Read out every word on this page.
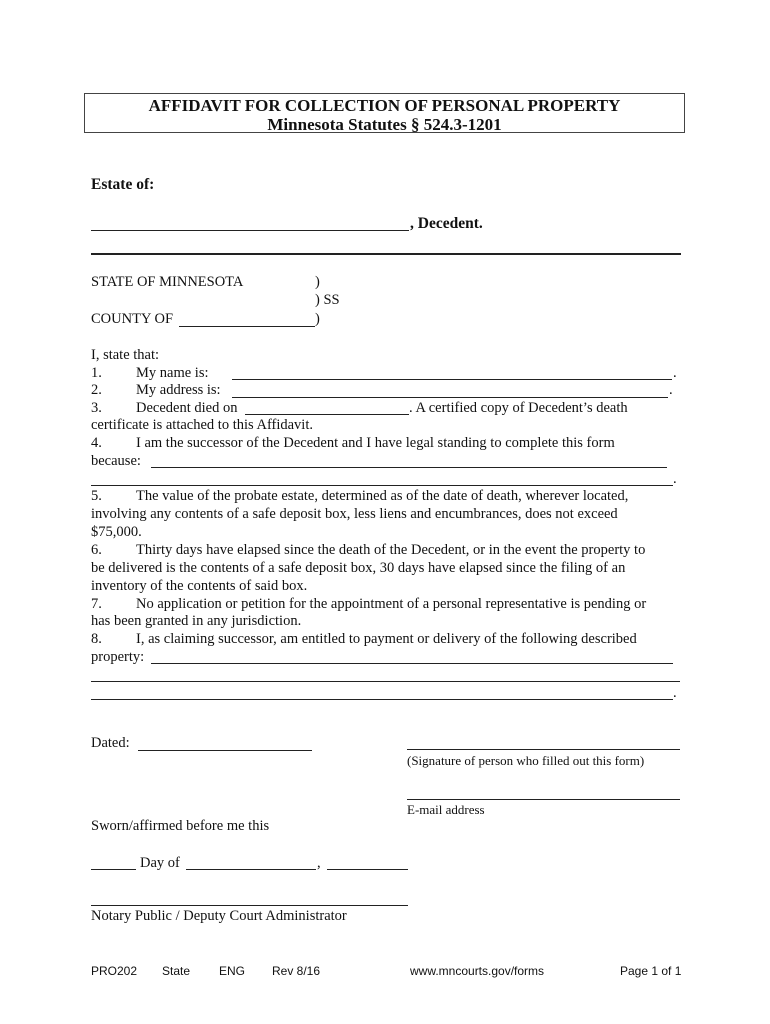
AFFIDAVIT FOR COLLECTION OF PERSONAL PROPERTY
Minnesota Statutes § 524.3-1201
Estate of:
, Decedent.
STATE OF MINNESOTA	)
) SS
COUNTY OF	)
I, state that:
1. My name is:	.
2. My address is:	.
3. Decedent died on	. A certified copy of Decedent’s death
certificate is attached to this Affidavit.
4. I am the successor of the Decedent and I have legal standing to complete this form
because:
.
5. The value of the probate estate, determined as of the date of death, wherever located,
involving any contents of a safe deposit box, less liens and encumbrances, does not exceed
$75,000.
6. Thirty days have elapsed since the death of the Decedent, or in the event the property to
be delivered is the contents of a safe deposit box, 30 days have elapsed since the filing of an
inventory of the contents of said box.
7. No application or petition for the appointment of a personal representative is pending or
has been granted in any jurisdiction.
8. I, as claiming successor, am entitled to payment or delivery of the following described
property:
.
Dated:
(Signature of person who filled out this form)
E-mail address
Sworn/affirmed before me this
Day of	,
Notary Public / Deputy Court Administrator
PRO202 State ENG Rev 8/16	www.mncourts.gov/forms	Page 1 of 1
